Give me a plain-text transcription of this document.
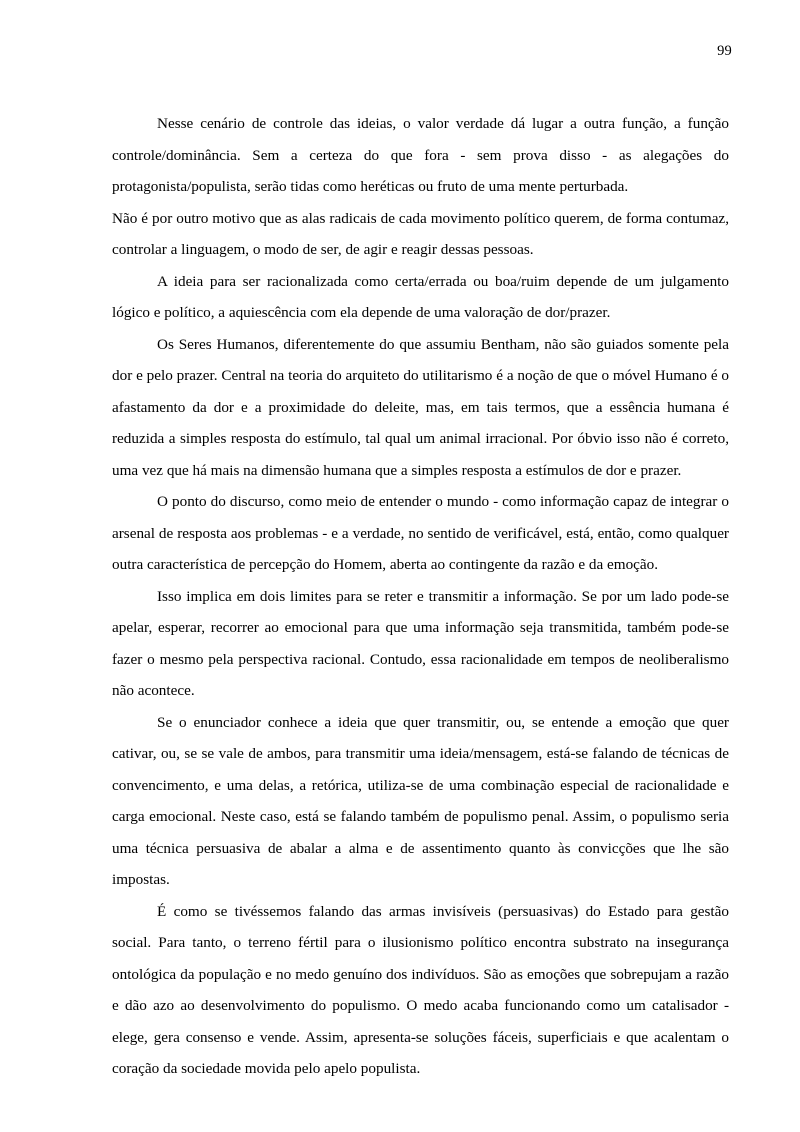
99

Nesse cenário de controle das ideias, o valor verdade dá lugar a outra função, a função controle/dominância. Sem a certeza do que fora - sem prova disso - as alegações do protagonista/populista, serão tidas como heréticas ou fruto de uma mente perturbada.

Não é por outro motivo que as alas radicais de cada movimento político querem, de forma contumaz, controlar a linguagem, o modo de ser, de agir e reagir dessas pessoas.

A ideia para ser racionalizada como certa/errada ou boa/ruim depende de um julgamento lógico e político, a aquiescência com ela depende de uma valoração de dor/prazer.

Os Seres Humanos, diferentemente do que assumiu Bentham, não são guiados somente pela dor e pelo prazer. Central na teoria do arquiteto do utilitarismo é a noção de que o móvel Humano é o afastamento da dor e a proximidade do deleite, mas, em tais termos, que a essência humana é reduzida a simples resposta do estímulo, tal qual um animal irracional. Por óbvio isso não é correto, uma vez que há mais na dimensão humana que a simples resposta a estímulos de dor e prazer.

O ponto do discurso, como meio de entender o mundo - como informação capaz de integrar o arsenal de resposta aos problemas - e a verdade, no sentido de verificável, está, então, como qualquer outra característica de percepção do Homem, aberta ao contingente da razão e da emoção.

Isso implica em dois limites para se reter e transmitir a informação. Se por um lado pode-se apelar, esperar, recorrer ao emocional para que uma informação seja transmitida, também pode-se fazer o mesmo pela perspectiva racional. Contudo, essa racionalidade em tempos de neoliberalismo não acontece.

Se o enunciador conhece a ideia que quer transmitir, ou, se entende a emoção que quer cativar, ou, se se vale de ambos, para transmitir uma ideia/mensagem, está-se falando de técnicas de convencimento, e uma delas, a retórica, utiliza-se de uma combinação especial de racionalidade e carga emocional. Neste caso, está se falando também de populismo penal. Assim, o populismo seria uma técnica persuasiva de abalar a alma e de assentimento quanto às convicções que lhe são impostas.

É como se tivéssemos falando das armas invisíveis (persuasivas) do Estado para gestão social. Para tanto, o terreno fértil para o ilusionismo político encontra substrato na insegurança ontológica da população e no medo genuíno dos indivíduos. São as emoções que sobrepujam a razão e dão azo ao desenvolvimento do populismo. O medo acaba funcionando como um catalisador - elege, gera consenso e vende. Assim, apresenta-se soluções fáceis, superficiais e que acalentam o coração da sociedade movida pelo apelo populista.
